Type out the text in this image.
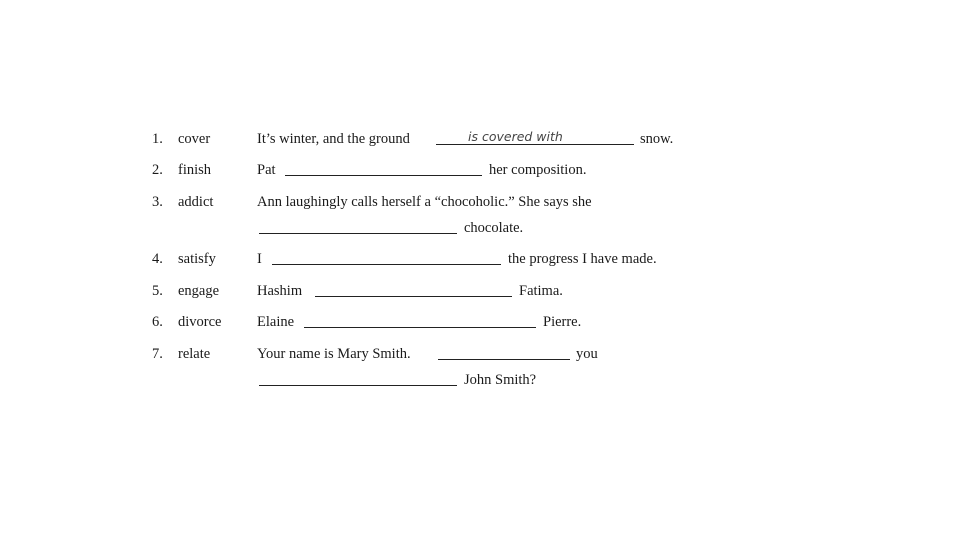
1. cover	It’s winter, and the ground	is covered with	snow.
2. finish	Pat	her composition.
3. addict	Ann laughingly calls herself a “chocoholic.” She says she
chocolate.
4. satisfy	I	the progress I have made.
5. engage	Hashim	Fatima.
6. divorce Elaine	Pierre.
7. relate	Your name is Mary Smith.	you
John Smith?
